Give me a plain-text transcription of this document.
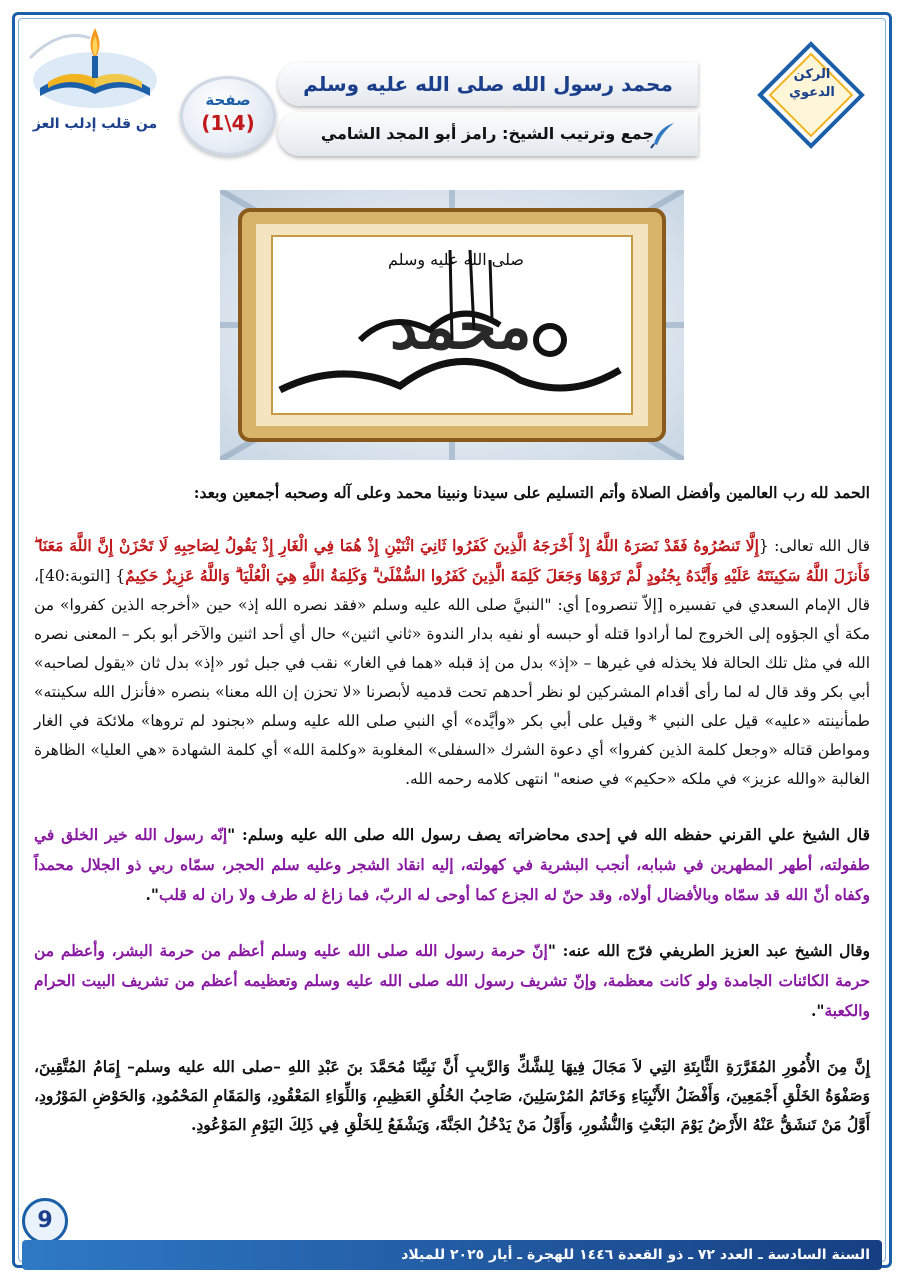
من قلب إدلب العز
صفحة
(4\1)
محمد رسول الله صلى الله عليه وسلم
جمع وترتيب الشيخ: رامز أبو المجد الشامي
الركن
الدعوي
محمد
صلى الله عليه وسلم

الحمد لله رب العالمين وأفضل الصلاة وأتم التسليم على سيدنا ونبينا محمد وعلى آله وصحبه أجمعين وبعد:

قال الله تعالى: {إِلَّا تَنصُرُوهُ فَقَدْ نَصَرَهُ اللَّهُ إِذْ أَخْرَجَهُ الَّذِينَ كَفَرُوا ثَانِيَ اثْنَيْنِ إِذْ هُمَا فِي الْغَارِ إِذْ يَقُولُ لِصَاحِبِهِ لَا تَحْزَنْ إِنَّ اللَّهَ مَعَنَا ۖ فَأَنزَلَ اللَّهُ سَكِينَتَهُ عَلَيْهِ وَأَيَّدَهُ بِجُنُودٍ لَّمْ تَرَوْهَا وَجَعَلَ كَلِمَةَ الَّذِينَ كَفَرُوا السُّفْلَىٰ ۗ وَكَلِمَةُ اللَّهِ هِيَ الْعُلْيَا ۗ وَاللَّهُ عَزِيزٌ حَكِيمٌ} [التوبة:40]، قال الإمام السعدي في تفسيره [إلاّ تنصروه] أي: "النبيَّ صلى الله عليه وسلم «فقد نصره الله إذ» حين «أخرجه الذين كفروا» من مكة أي الجؤوه إلى الخروج لما أرادوا قتله أو حبسه أو نفيه بدار الندوة «ثاني اثنين» حال أي أحد اثنين والآخر أبو بكر – المعنى نصره الله في مثل تلك الحالة فلا يخذله في غيرها – «إذ» بدل من إذ قبله «هما في الغار» نقب في جبل ثور «إذ» بدل ثان «يقول لصاحبه» أبي بكر وقد قال له لما رأى أقدام المشركين لو نظر أحدهم تحت قدميه لأبصرنا «لا تحزن إن الله معنا» بنصره «فأنزل الله سكينته» طمأنينته «عليه» قيل على النبي * وقيل على أبي بكر «وأيَّده» أي النبي صلى الله عليه وسلم «بجنود لم تروها» ملائكة في الغار ومواطن قتاله «وجعل كلمة الذين كفروا» أي دعوة الشرك «السفلى» المغلوبة «وكلمة الله» أي كلمة الشهادة «هي العليا» الظاهرة الغالبة «والله عزيز» في ملكه «حكيم» في صنعه" انتهى كلامه رحمه الله.

قال الشيخ علي القرني حفظه الله في إحدى محاضراته يصف رسول الله صلى الله عليه وسلم: "إنّه رسول الله خير الخلق في طفولته، أطهر المطهرين في شبابه، أنجب البشرية في كهولته، إليه انقاد الشجر وعليه سلم الحجر، سمّاه ربي ذو الجلال محمداً وكفاه أنّ الله قد سمّاه وبالأفضال أولاه، وقد حنّ له الجزع كما أوحى له الربّ، فما زاغ له طرف ولا ران له قلب".

وقال الشيخ عبد العزيز الطريفي فرّج الله عنه: "إنّ حرمة رسول الله صلى الله عليه وسلم أعظم من حرمة البشر، وأعظم من حرمة الكائنات الجامدة ولو كانت معظمة، وإنّ تشريف رسول الله صلى الله عليه وسلم وتعظيمه أعظم من تشريف البيت الحرام والكعبة".

إِنَّ مِنَ الأُمُورِ المُقَرَّرَةِ الثَّابِتَةِ التِي لاَ مَجَالَ فِيهَا لِلشَّكِّ وَالرَّيبِ أَنَّ نَبِيَّنَا مُحَمَّدَ بنَ عَبْدِ اللهِ –صلى الله عليه وسلم– إِمَامُ المُتَّقِينَ، وَصَفْوَةُ الخَلْقِ أَجْمَعِينَ، وَأَفْضَلُ الأَنْبِيَاءِ وَخَاتَمُ المُرْسَلِينَ، صَاحِبُ الخُلُقِ العَظِيمِ، وَاللِّوَاءِ المَعْقُودِ، وَالمَقَامِ المَحْمُودِ، وَالحَوْضِ المَوْرُودِ، أَوَّلُ مَنْ تَنشَقُّ عَنْهُ الأَرْضُ يَوْمَ البَعْثِ وَالنُّشُورِ، وَأَوَّلُ مَنْ يَدْخُلُ الجَنَّةَ، وَيَشْفَعُ لِلخَلْقِ فِي ذَلِكَ اليَوْمِ المَوْعُودِ.

9
السنة السادسة ـ العدد ٧٢ ـ ذو القعدة ١٤٤٦ للهجرة ـ أيار ٢٠٢٥ للميلاد
